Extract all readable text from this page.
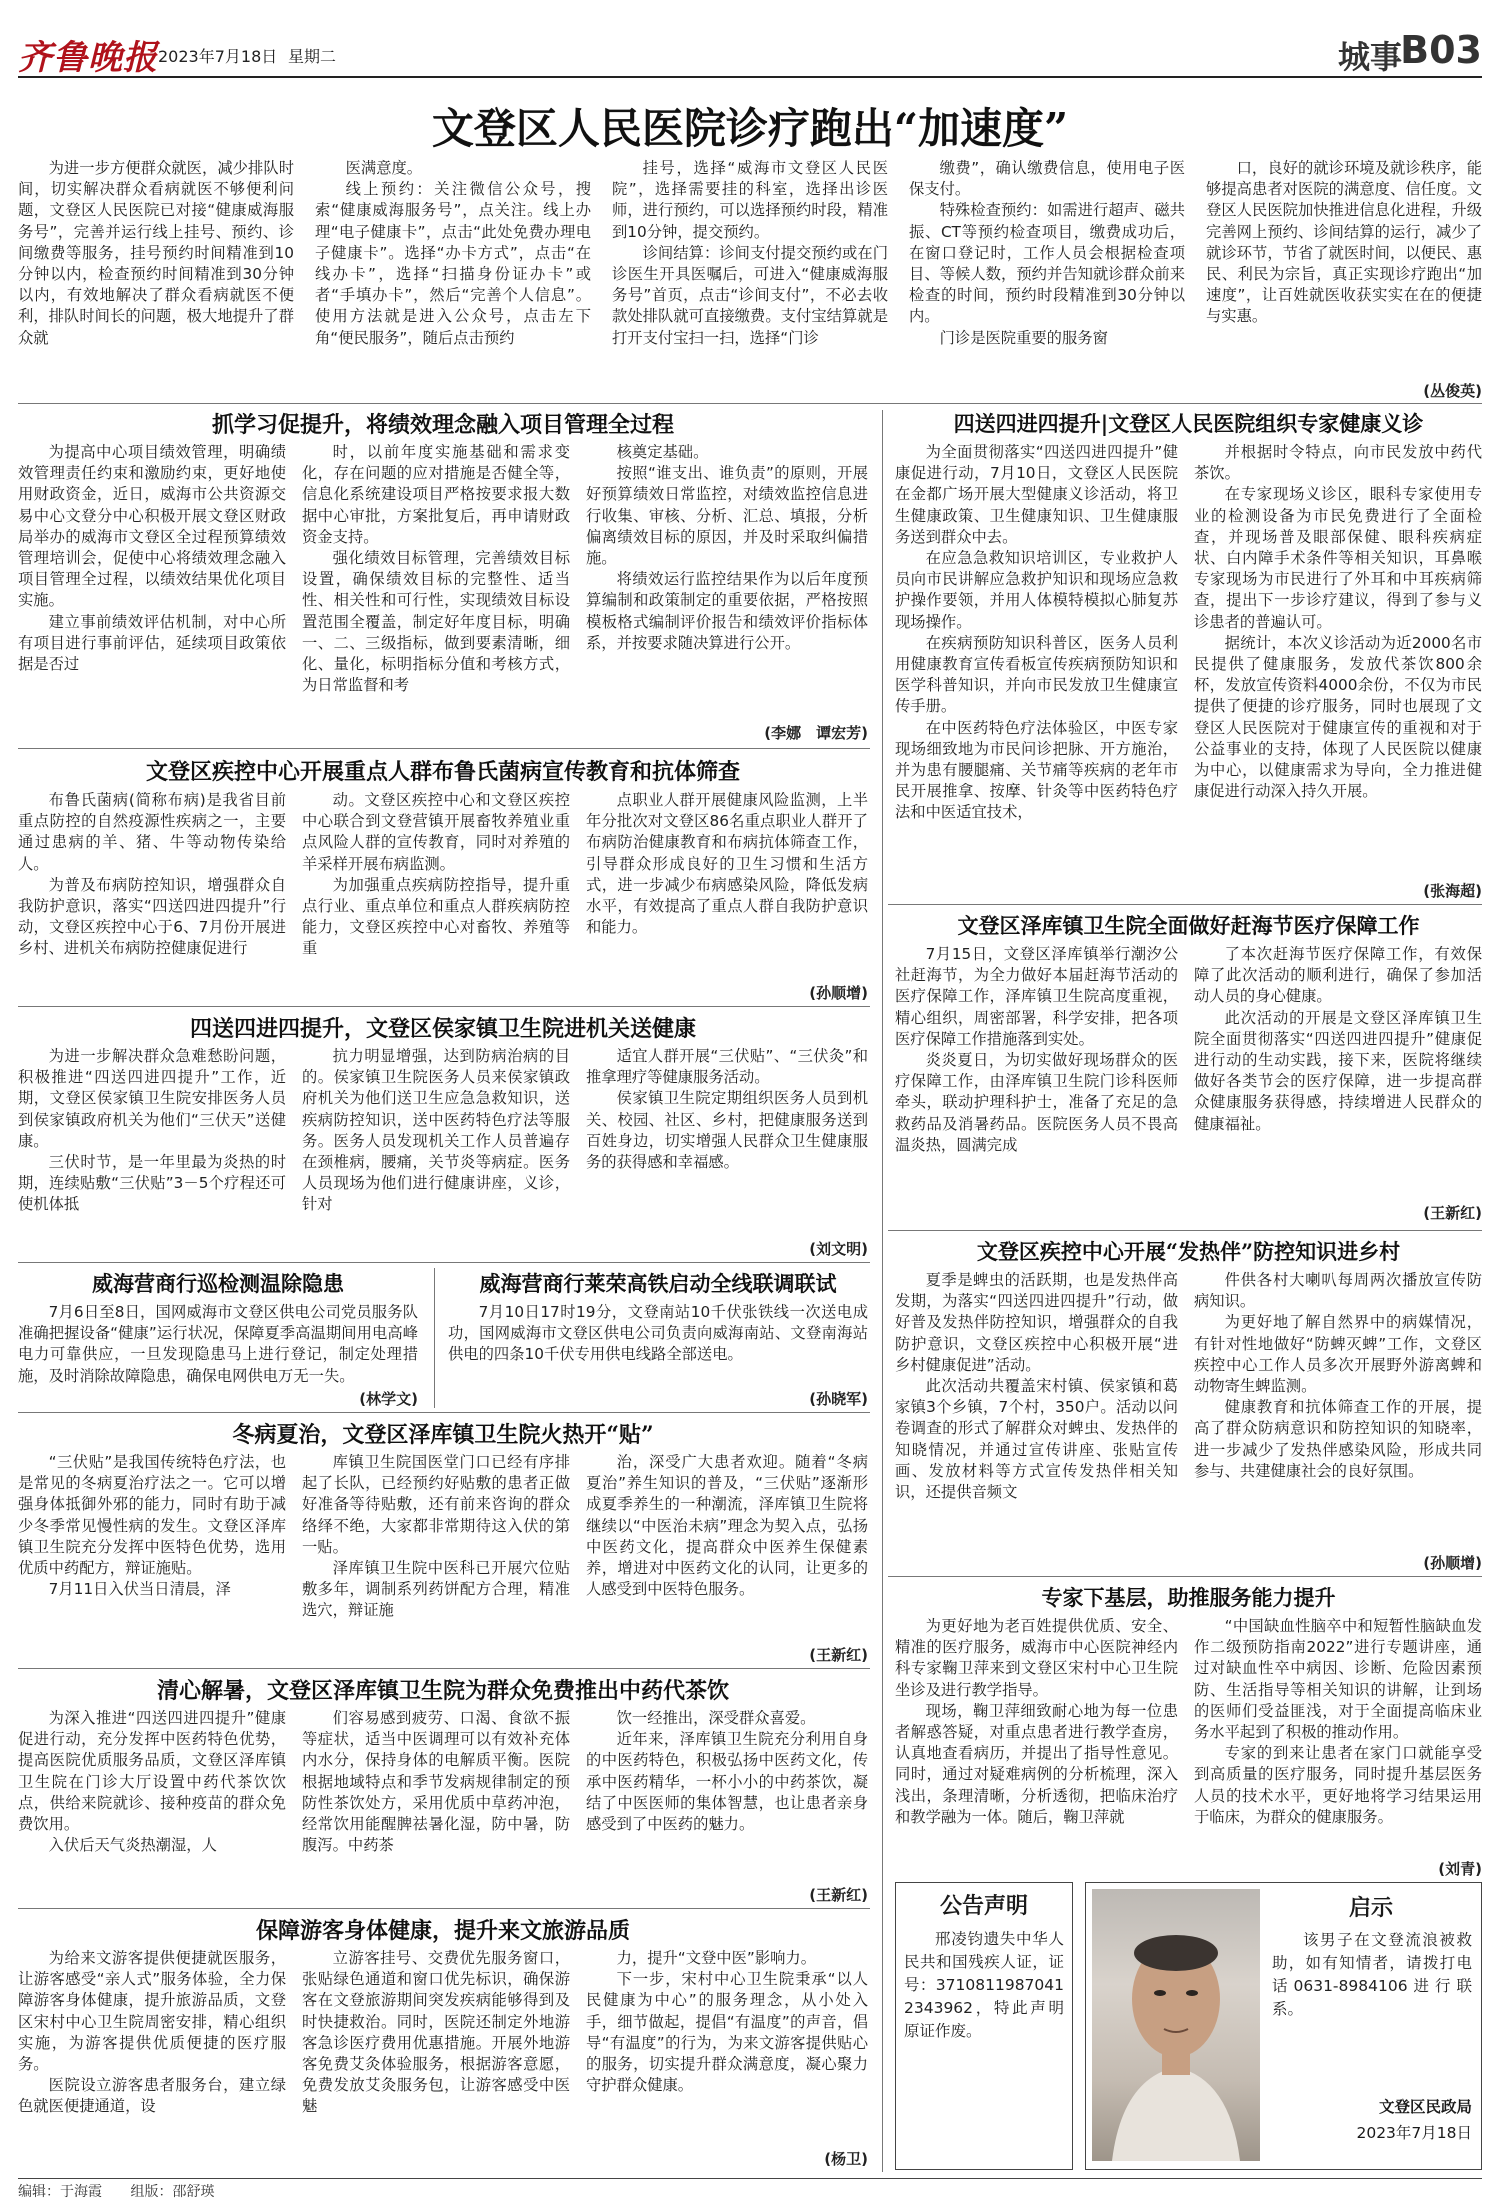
齐鲁晚报 2023年7月18日 星期二	城事
B03
文登区人民医院诊疗跑出“加速度”

为进一步方便群众就医，减少排队时间，切实解决群众看病就医不够便利问题，文登区人民医院已对接“健康威海服务号”，完善并运行线上挂号、预约、诊间缴费等服务，挂号预约时间精准到10分钟以内，检查预约时间精准到30分钟以内，有效地解决了群众看病就医不便利，排队时间长的问题，极大地提升了群众就

医满意度。

线上预约：关注微信公众号，搜索“健康威海服务号”，点关注。线上办理“电子健康卡”，点击“此处免费办理电子健康卡”。选择“办卡方式”，点击“在线办卡”，选择“扫描身份证办卡”或者“手填办卡”，然后“完善个人信息”。使用方法就是进入公众号，点击左下角“便民服务”，随后点击预约

挂号，选择“威海市文登区人民医院”，选择需要挂的科室，选择出诊医师，进行预约，可以选择预约时段，精准到10分钟，提交预约。

诊间结算：诊间支付提交预约或在门诊医生开具医嘱后，可进入“健康威海服务号”首页，点击“诊间支付”，不必去收款处排队就可直接缴费。支付宝结算就是打开支付宝扫一扫，选择“门诊

缴费”，确认缴费信息，使用电子医保支付。

特殊检查预约：如需进行超声、磁共振、CT等预约检查项目，缴费成功后，在窗口登记时，工作人员会根据检查项目、等候人数，预约并告知就诊群众前来检查的时间，预约时段精准到30分钟以内。

门诊是医院重要的服务窗

口，良好的就诊环境及就诊秩序，能够提高患者对医院的满意度、信任度。文登区人民医院加快推进信息化进程，升级完善网上预约、诊间结算的运行，减少了就诊环节，节省了就医时间，以便民、惠民、利民为宗旨，真正实现诊疗跑出“加速度”，让百姓就医收获实实在在的便捷与实惠。

(丛俊英)
抓学习促提升，将绩效理念融入项目管理全过程

为提高中心项目绩效管理，明确绩效管理责任约束和激励约束，更好地使用财政资金，近日，威海市公共资源交易中心文登分中心积极开展文登区财政局举办的威海市文登区全过程预算绩效管理培训会，促使中心将绩效理念融入项目管理全过程，以绩效结果优化项目实施。

建立事前绩效评估机制，对中心所有项目进行事前评估，延续项目政策依据是否过

时，以前年度实施基础和需求变化，存在问题的应对措施是否健全等，信息化系统建设项目严格按要求报大数据中心审批，方案批复后，再申请财政资金支持。

强化绩效目标管理，完善绩效目标设置，确保绩效目标的完整性、适当性、相关性和可行性，实现绩效目标设置范围全覆盖，制定好年度目标，明确一、二、三级指标，做到要素清晰，细化、量化，标明指标分值和考核方式，为日常监督和考

核奠定基础。

按照“谁支出、谁负责”的原则，开展好预算绩效日常监控，对绩效监控信息进行收集、审核、分析、汇总、填报，分析偏离绩效目标的原因，并及时采取纠偏措施。

将绩效运行监控结果作为以后年度预算编制和政策制定的重要依据，严格按照模板格式编制评价报告和绩效评价指标体系，并按要求随决算进行公开。

(李娜　谭宏芳)
文登区疾控中心开展重点人群布鲁氏菌病宣传教育和抗体筛查

布鲁氏菌病(简称布病)是我省目前重点防控的自然疫源性疾病之一，主要通过患病的羊、猪、牛等动物传染给人。

为普及布病防控知识，增强群众自我防护意识，落实“四送四进四提升”行动，文登区疾控中心于6、7月份开展进乡村、进机关布病防控健康促进行

动。文登区疾控中心和文登区疾控中心联合到文登营镇开展畜牧养殖业重点风险人群的宣传教育，同时对养殖的羊采样开展布病监测。

为加强重点疾病防控指导，提升重点行业、重点单位和重点人群疾病防控能力，文登区疾控中心对畜牧、养殖等重

点职业人群开展健康风险监测，上半年分批次对文登区86名重点职业人群开了布病防治健康教育和布病抗体筛查工作，引导群众形成良好的卫生习惯和生活方式，进一步减少布病感染风险，降低发病水平，有效提高了重点人群自我防护意识和能力。

(孙顺增)
四送四进四提升，文登区侯家镇卫生院进机关送健康

为进一步解决群众急难愁盼问题，积极推进“四送四进四提升”工作，近期，文登区侯家镇卫生院安排医务人员到侯家镇政府机关为他们“三伏天”送健康。

三伏时节，是一年里最为炎热的时期，连续贴敷“三伏贴”3－5个疗程还可使机体抵

抗力明显增强，达到防病治病的目的。侯家镇卫生院医务人员来侯家镇政府机关为他们送卫生应急急救知识，送疾病防控知识，送中医药特色疗法等服务。医务人员发现机关工作人员普遍存在颈椎病，腰痛，关节炎等病症。医务人员现场为他们进行健康讲座，义诊，针对

适宜人群开展“三伏贴”、“三伏灸”和推拿理疗等健康服务活动。

侯家镇卫生院定期组织医务人员到机关、校园、社区、乡村，把健康服务送到百姓身边，切实增强人民群众卫生健康服务的获得感和幸福感。

(刘文明)
威海营商行巡检测温除隐患

7月6日至8日，国网威海市文登区供电公司党员服务队准确把握设备“健康”运行状况，保障夏季高温期间用电高峰电力可靠供应，一旦发现隐患马上进行登记，制定处理措施，及时消除故障隐患，确保电网供电万无一失。

(林学文)
威海营商行莱荣高铁启动全线联调联试

7月10日17时19分，文登南站10千伏张铁线一次送电成功，国网威海市文登区供电公司负责向威海南站、文登南海站供电的四条10千伏专用供电线路全部送电。

(孙晓军)
冬病夏治，文登区泽库镇卫生院火热开“贴”

“三伏贴”是我国传统特色疗法，也是常见的冬病夏治疗法之一。它可以增强身体抵御外邪的能力，同时有助于减少冬季常见慢性病的发生。文登区泽库镇卫生院充分发挥中医特色优势，选用优质中药配方，辩证施贴。

7月11日入伏当日清晨，泽

库镇卫生院国医堂门口已经有序排起了长队，已经预约好贴敷的患者正做好准备等待贴敷，还有前来咨询的群众络绎不绝，大家都非常期待这入伏的第一贴。

泽库镇卫生院中医科已开展穴位贴敷多年，调制系列药饼配方合理，精准选穴，辩证施

治，深受广大患者欢迎。随着“冬病夏治”养生知识的普及，“三伏贴”逐渐形成夏季养生的一种潮流，泽库镇卫生院将继续以“中医治未病”理念为契入点，弘扬中医药文化，提高群众中医养生保健素养，增进对中医药文化的认同，让更多的人感受到中医特色服务。

(王新红)
清心解暑，文登区泽库镇卫生院为群众免费推出中药代茶饮

为深入推进“四送四进四提升”健康促进行动，充分发挥中医药特色优势，提高医院优质服务品质，文登区泽库镇卫生院在门诊大厅设置中药代茶饮饮点，供给来院就诊、接种疫苗的群众免费饮用。

入伏后天气炎热潮湿，人

们容易感到疲劳、口渴、食欲不振等症状，适当中医调理可以有效补充体内水分，保持身体的电解质平衡。医院根据地域特点和季节发病规律制定的预防性茶饮处方，采用优质中草药冲泡，经常饮用能醒脾祛暑化湿，防中暑，防腹泻。中药茶

饮一经推出，深受群众喜爱。

近年来，泽库镇卫生院充分利用自身的中医药特色，积极弘扬中医药文化，传承中医药精华，一杯小小的中药茶饮，凝结了中医医师的集体智慧，也让患者亲身感受到了中医药的魅力。

(王新红)
保障游客身体健康，提升来文旅游品质

为给来文游客提供便捷就医服务，让游客感受“亲人式”服务体验，全力保障游客身体健康，提升旅游品质，文登区宋村中心卫生院周密安排，精心组织实施，为游客提供优质便捷的医疗服务。

医院设立游客患者服务台，建立绿色就医便捷通道，设

立游客挂号、交费优先服务窗口，张贴绿色通道和窗口优先标识，确保游客在文登旅游期间突发疾病能够得到及时快捷救治。同时，医院还制定外地游客急诊医疗费用优惠措施。开展外地游客免费艾灸体验服务，根据游客意愿，免费发放艾灸服务包，让游客感受中医魅

力，提升“文登中医”影响力。

下一步，宋村中心卫生院秉承“以人民健康为中心”的服务理念，从小处入手，细节做起，提倡“有温度”的声音，倡导“有温度”的行为，为来文游客提供贴心的服务，切实提升群众满意度，凝心聚力守护群众健康。

(杨卫)
四送四进四提升|文登区人民医院组织专家健康义诊

为全面贯彻落实“四送四进四提升”健康促进行动，7月10日，文登区人民医院在金都广场开展大型健康义诊活动，将卫生健康政策、卫生健康知识、卫生健康服务送到群众中去。

在应急急救知识培训区，专业救护人员向市民讲解应急救护知识和现场应急救护操作要领，并用人体模特模拟心肺复苏现场操作。

在疾病预防知识科普区，医务人员利用健康教育宣传看板宣传疾病预防知识和医学科普知识，并向市民发放卫生健康宣传手册。

在中医药特色疗法体验区，中医专家现场细致地为市民问诊把脉、开方施治，并为患有腰腿痛、关节痛等疾病的老年市民开展推拿、按摩、针灸等中医药特色疗法和中医适宜技术，

并根据时令特点，向市民发放中药代茶饮。

在专家现场义诊区，眼科专家使用专业的检测设备为市民免费进行了全面检查，并现场普及眼部保健、眼科疾病症状、白内障手术条件等相关知识，耳鼻喉专家现场为市民进行了外耳和中耳疾病筛查，提出下一步诊疗建议，得到了参与义诊患者的普遍认可。

据统计，本次义诊活动为近2000名市民提供了健康服务，发放代茶饮800余杯，发放宣传资料4000余份，不仅为市民提供了便捷的诊疗服务，同时也展现了文登区人民医院对于健康宣传的重视和对于公益事业的支持，体现了人民医院以健康为中心，以健康需求为导向，全力推进健康促进行动深入持久开展。

(张海超)
文登区泽库镇卫生院全面做好赶海节医疗保障工作

7月15日，文登区泽库镇举行潮汐公社赶海节，为全力做好本届赶海节活动的医疗保障工作，泽库镇卫生院高度重视，精心组织，周密部署，科学安排，把各项医疗保障工作措施落到实处。

炎炎夏日，为切实做好现场群众的医疗保障工作，由泽库镇卫生院门诊科医师牵头，联动护理科护士，准备了充足的急救药品及消暑药品。医院医务人员不畏高温炎热，圆满完成

了本次赶海节医疗保障工作，有效保障了此次活动的顺利进行，确保了参加活动人员的身心健康。

此次活动的开展是文登区泽库镇卫生院全面贯彻落实“四送四进四提升”健康促进行动的生动实践，接下来，医院将继续做好各类节会的医疗保障，进一步提高群众健康服务获得感，持续增进人民群众的健康福祉。

(王新红)
文登区疾控中心开展“发热伴”防控知识进乡村

夏季是蜱虫的活跃期，也是发热伴高发期，为落实“四送四进四提升”行动，做好普及发热伴防控知识，增强群众的自我防护意识，文登区疾控中心积极开展“进乡村健康促进”活动。

此次活动共覆盖宋村镇、侯家镇和葛家镇3个乡镇，7个村，350户。活动以问卷调查的形式了解群众对蜱虫、发热伴的知晓情况，并通过宣传讲座、张贴宣传画、发放材料等方式宣传发热伴相关知识，还提供音频文

件供各村大喇叭每周两次播放宣传防病知识。

为更好地了解自然界中的病媒情况，有针对性地做好“防蜱灭蜱”工作，文登区疾控中心工作人员多次开展野外游离蜱和动物寄生蜱监测。

健康教育和抗体筛查工作的开展，提高了群众防病意识和防控知识的知晓率，进一步减少了发热伴感染风险，形成共同参与、共建健康社会的良好氛围。

(孙顺增)
专家下基层，助推服务能力提升

为更好地为老百姓提供优质、安全、精准的医疗服务，威海市中心医院神经内科专家鞠卫萍来到文登区宋村中心卫生院坐诊及进行教学指导。

现场，鞠卫萍细致耐心地为每一位患者解惑答疑，对重点患者进行教学查房，认真地查看病历，并提出了指导性意见。同时，通过对疑难病例的分析梳理，深入浅出，条理清晰，分析透彻，把临床治疗和教学融为一体。随后，鞠卫萍就

“中国缺血性脑卒中和短暂性脑缺血发作二级预防指南2022”进行专题讲座，通过对缺血性卒中病因、诊断、危险因素预防、生活指导等相关知识的讲解，让到场的医师们受益匪浅，对于全面提高临床业务水平起到了积极的推动作用。

专家的到来让患者在家门口就能享受到高质量的医疗服务，同时提升基层医务人员的技术水平，更好地将学习结果运用于临床，为群众的健康服务。

(刘青)
公告声明

邢凌钧遗失中华人民共和国残疾人证，证号：37108119870412343962，特此声明原证作废。

启示

该男子在文登流浪被救助，如有知情者，请拨打电话0631-8984106进行联系。

文登区民政局
2023年7月18日
编辑：于海霞 组版：邵舒瑛
